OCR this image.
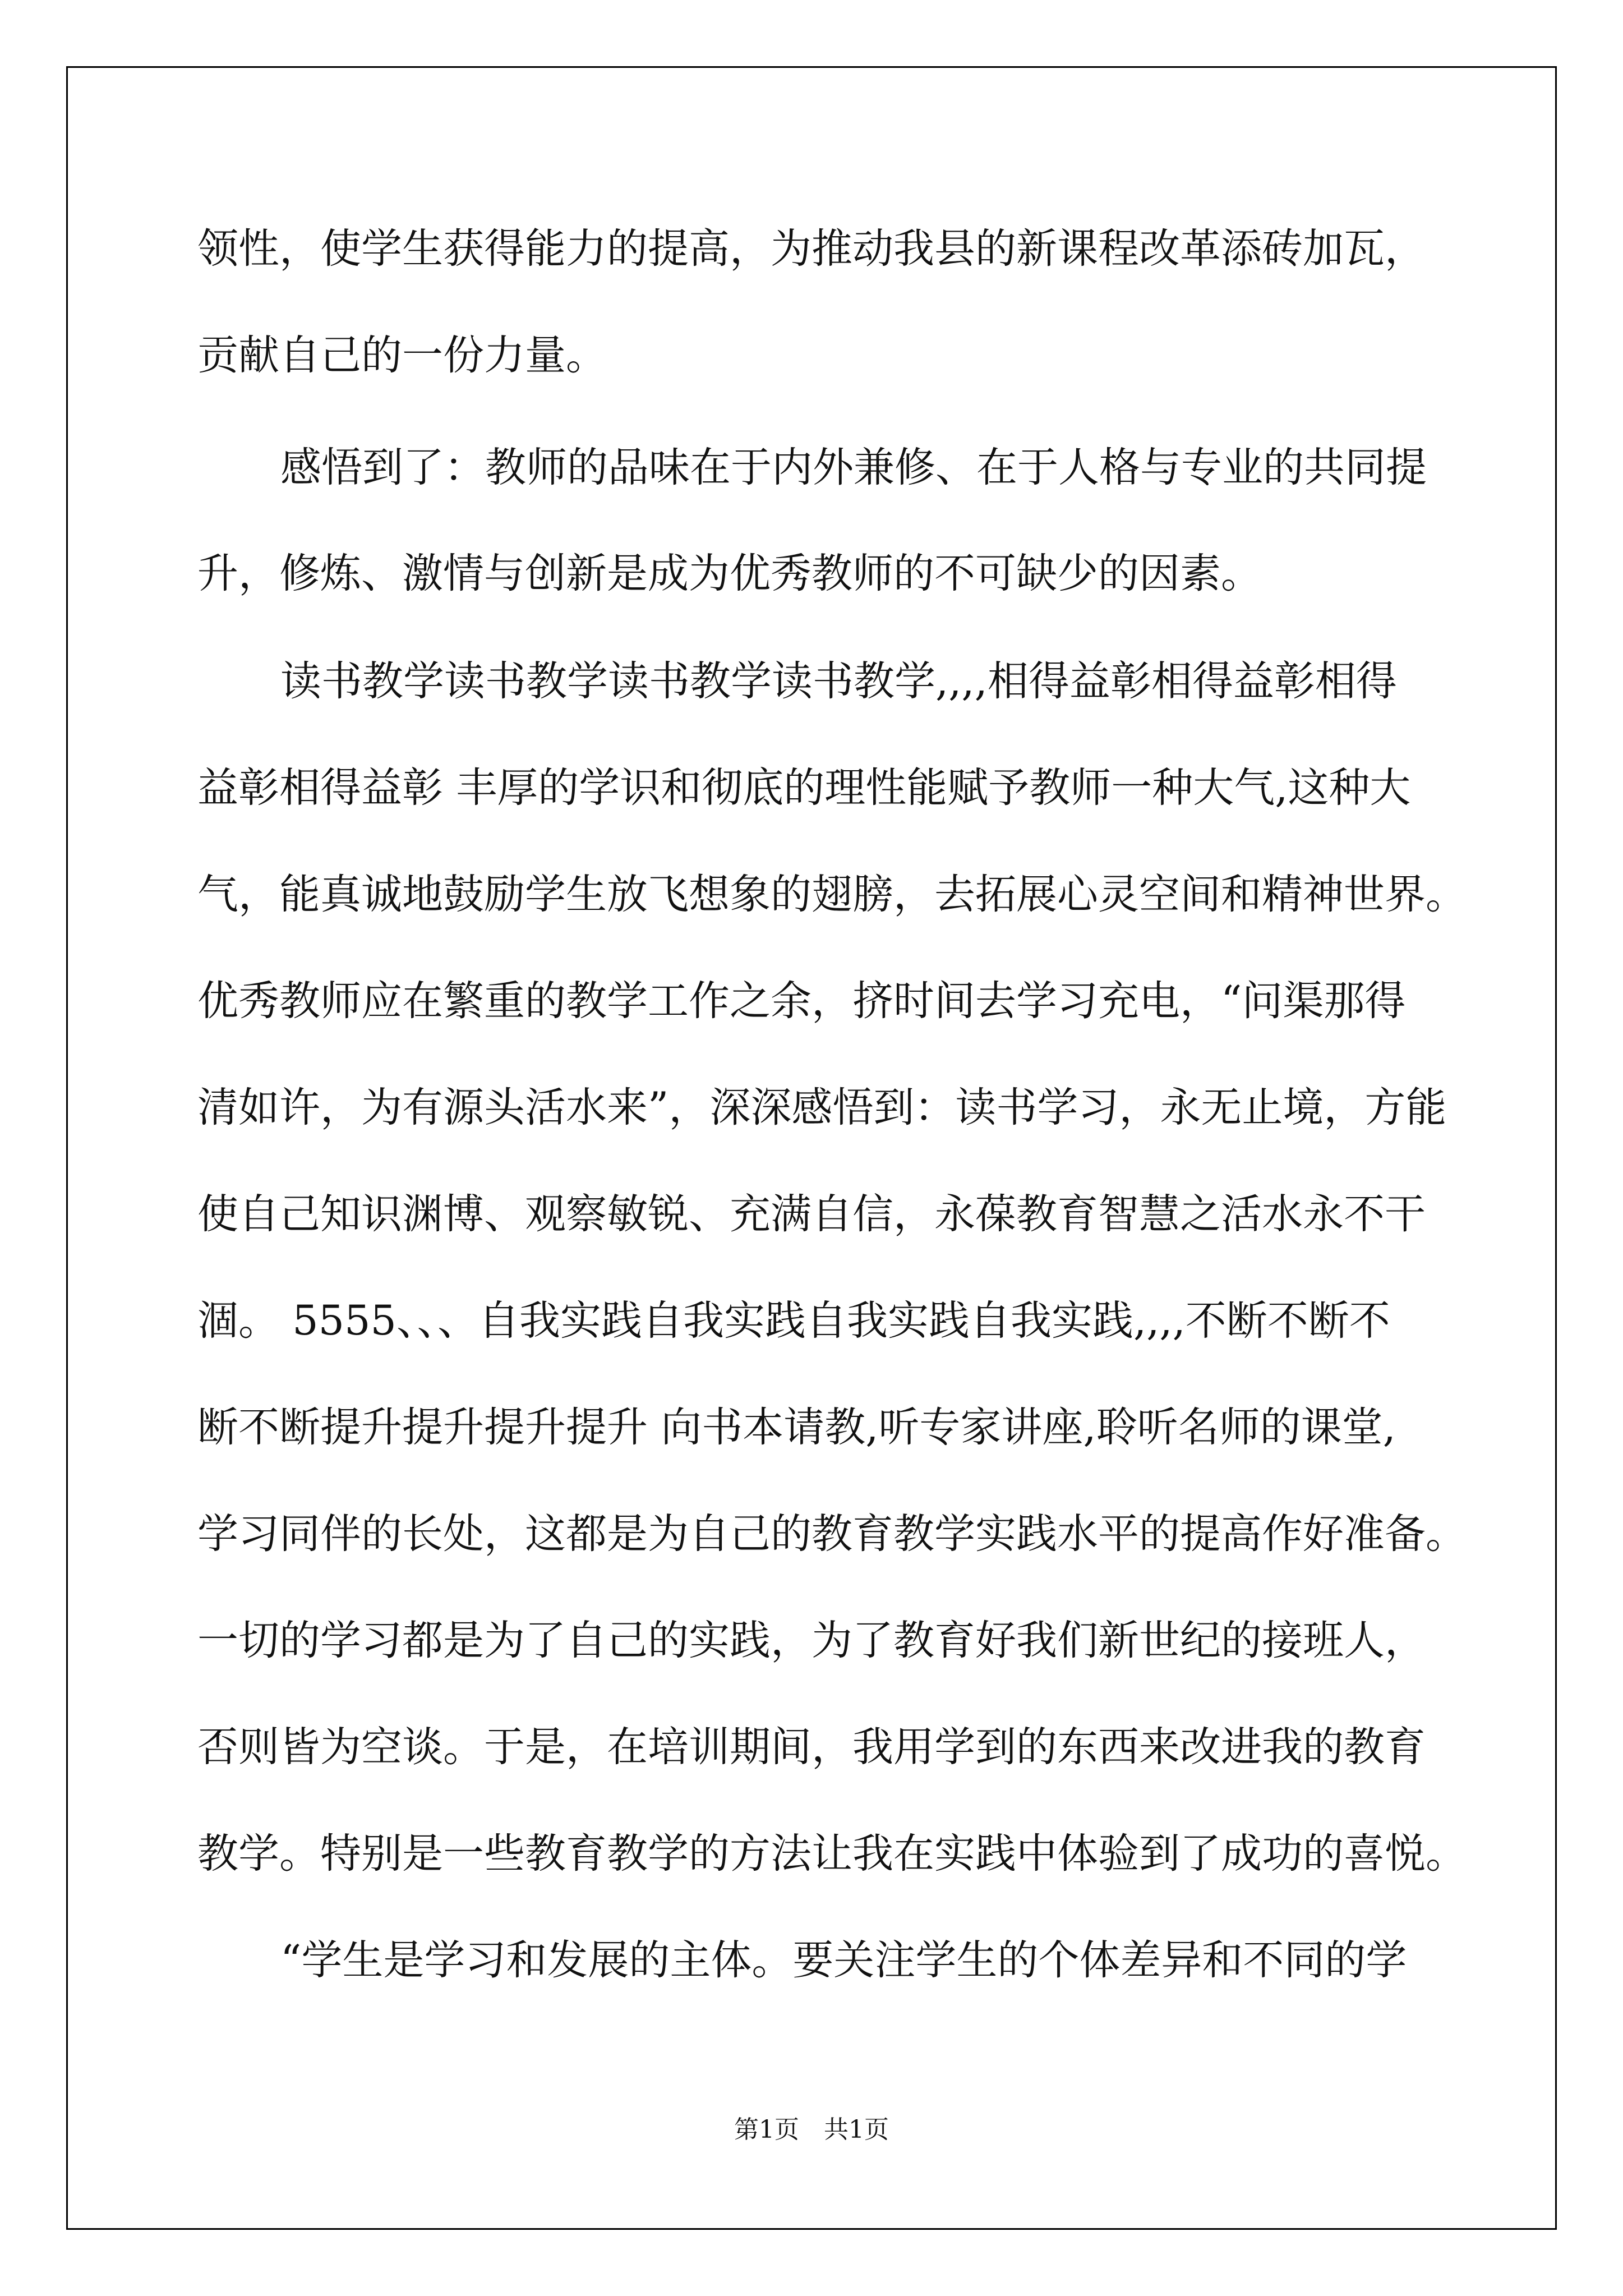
领性，使学生获得能力的提高，为推动我县的新课程改革添砖加瓦，
贡献自己的一份力量。
感悟到了：教师的品味在于内外兼修、在于人格与专业的共同提
升，修炼、激情与创新是成为优秀教师的不可缺少的因素。
读书教学读书教学读书教学读书教学,,,,相得益彰相得益彰相得
益彰相得益彰 丰厚的学识和彻底的理性能赋予教师一种大气,这种大
气，能真诚地鼓励学生放飞想象的翅膀，去拓展心灵空间和精神世界。
优秀教师应在繁重的教学工作之余，挤时间去学习充电，“问渠那得
清如许，为有源头活水来”，深深感悟到：读书学习，永无止境，方能
使自己知识渊博、观察敏锐、充满自信，永葆教育智慧之活水永不干
涸。 5555、、、自我实践自我实践自我实践自我实践,,,,不断不断不
断不断提升提升提升提升 向书本请教,听专家讲座,聆听名师的课堂,
学习同伴的长处，这都是为自己的教育教学实践水平的提高作好准备。
一切的学习都是为了自己的实践，为了教育好我们新世纪的接班人，
否则皆为空谈。于是，在培训期间，我用学到的东西来改进我的教育
教学。特别是一些教育教学的方法让我在实践中体验到了成功的喜悦。
“学生是学习和发展的主体。要关注学生的个体差异和不同的学
第1页　共1页
